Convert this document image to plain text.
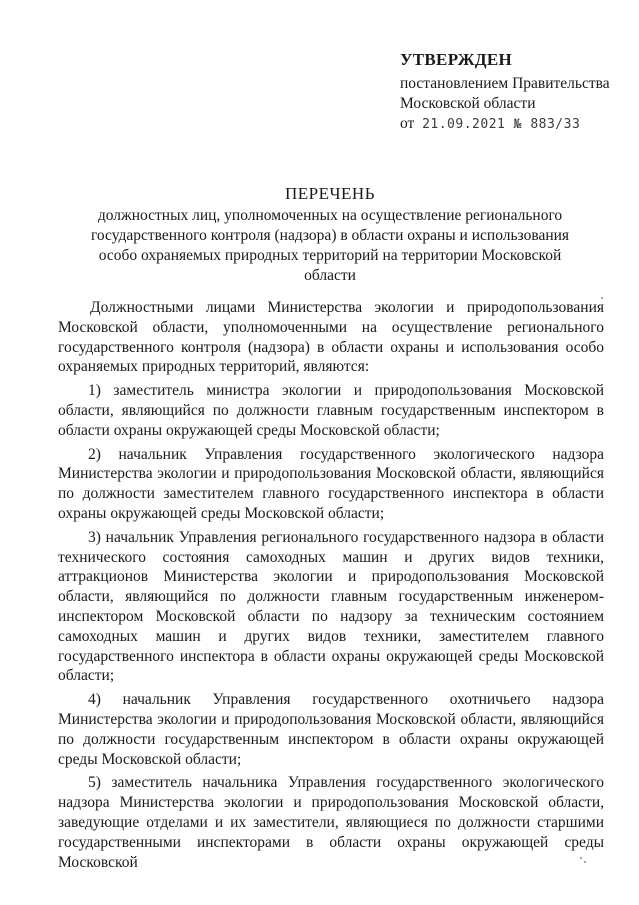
УТВЕРЖДЕН
постановлением Правительства
Московской области
от 21.09.2021 № 883/33
ПЕРЕЧЕНЬ
должностных лиц, уполномоченных на осуществление регионального государственного контроля (надзора) в области охраны и использования особо охраняемых природных территорий на территории Московской области

Должностными лицами Министерства экологии и природопользования Московской области, уполномоченными на осуществление регионального государственного контроля (надзора) в области охраны и использования особо охраняемых природных территорий, являются:

1) заместитель министра экологии и природопользования Московской области, являющийся по должности главным государственным инспектором в области охраны окружающей среды Московской области;

2) начальник Управления государственного экологического надзора Министерства экологии и природопользования Московской области, являющийся по должности заместителем главного государственного инспектора в области охраны окружающей среды Московской области;

3) начальник Управления регионального государственного надзора в области технического состояния самоходных машин и других видов техники, аттракционов Министерства экологии и природопользования Московской области, являющийся по должности главным государственным инженером-инспектором Московской области по надзору за техническим состоянием самоходных машин и других видов техники, заместителем главного государственного инспектора в области охраны окружающей среды Московской области;

4) начальник Управления государственного охотничьего надзора Министерства экологии и природопользования Московской области, являющийся по должности государственным инспектором в области охраны окружающей среды Московской области;

5) заместитель начальника Управления государственного экологического надзора Министерства экологии и природопользования Московской области, заведующие отделами и их заместители, являющиеся по должности старшими государственными инспекторами в области охраны окружающей среды Московской
